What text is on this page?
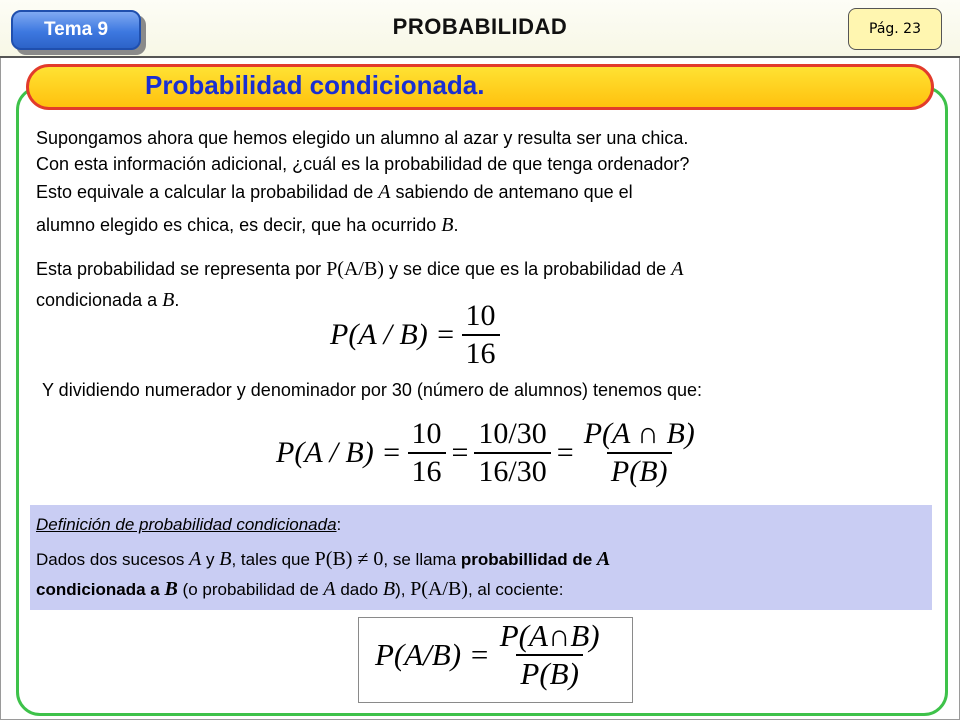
Tema 9	PROBABILIDAD	Pág. 23
Probabilidad condicionada.
Supongamos ahora que hemos elegido un alumno al azar y resulta ser una chica.
Con esta información adicional, ¿cuál es la probabilidad de que tenga ordenador?
Esto equivale a calcular la probabilidad de A sabiendo de antemano que el
alumno elegido es chica, es decir, que ha ocurrido B.
Esta probabilidad se representa por P(A/B) y se dice que es la probabilidad de A
condicionada a B.
$P(A / B) = \frac{10}{16}$
Y dividiendo numerador y denominador por 30 (número de alumnos) tenemos que:
$P(A / B) = \frac{10}{16} = \frac{10/30}{16/30} = \frac{P(A \cap B)}{P(B)}$
Definición de probabilidad condicionada:
Dados dos sucesos A y B, tales que P(B) ≠ 0, se llama probabillidad de A
condicionada a B (o probabilidad de A dado B), P(A/B), al cociente:
$P(A/B) = \frac{P(A\cap B)}{P(B)}$
